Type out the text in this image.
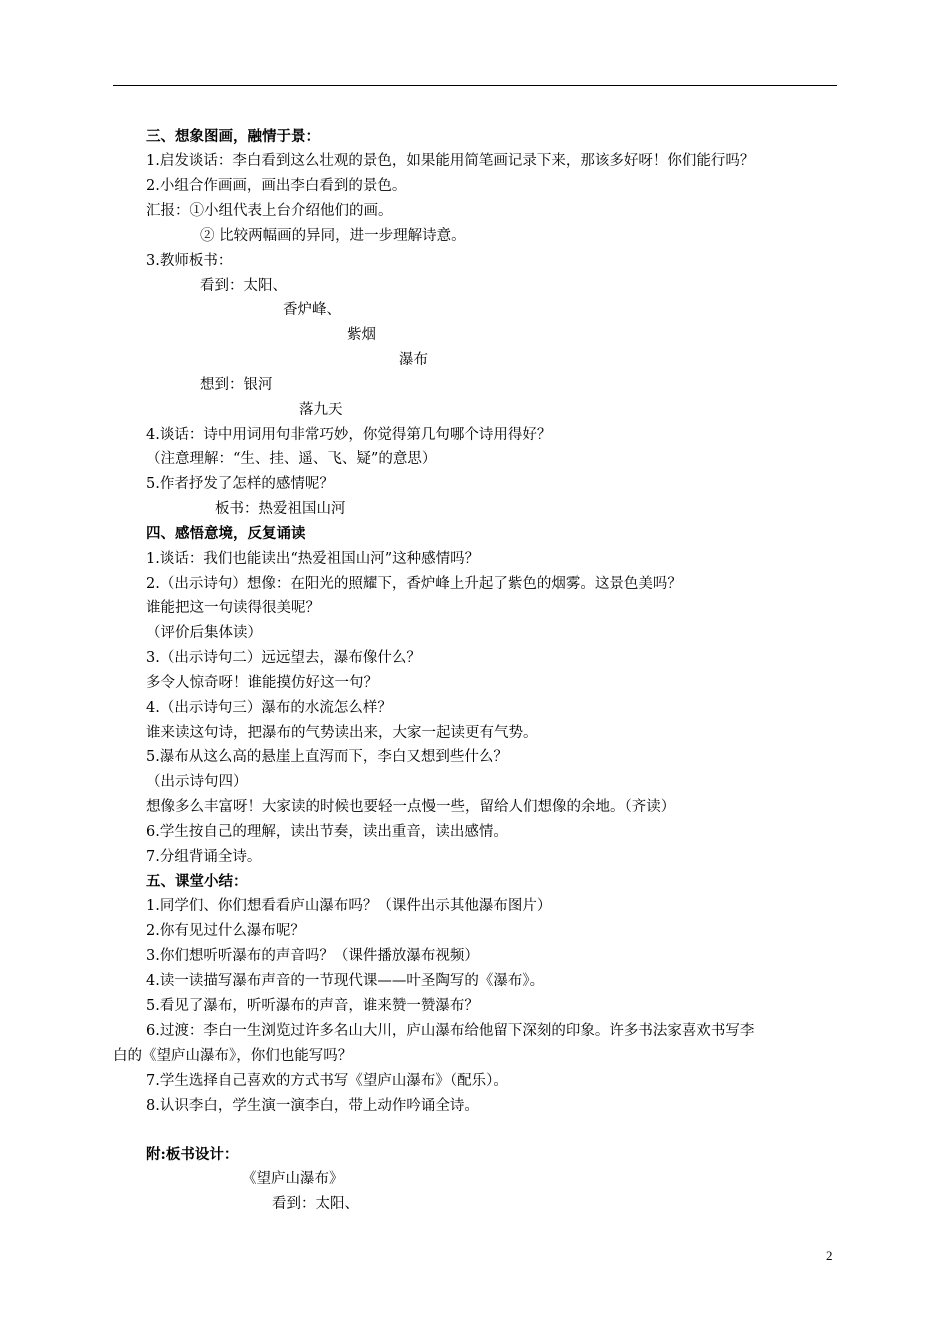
三、想象图画，融情于景：
1.启发谈话：李白看到这么壮观的景色，如果能用简笔画记录下来，那该多好呀！你们能行吗？
2.小组合作画画，画出李白看到的景色。
汇报：①小组代表上台介绍他们的画。
② 比较两幅画的异同，进一步理解诗意。
3.教师板书：
看到：太阳、
香炉峰、
紫烟
瀑布
想到：银河
落九天
4.谈话：诗中用词用句非常巧妙，你觉得第几句哪个诗用得好？
（注意理解：“生、挂、遥、飞、疑”的意思）
5.作者抒发了怎样的感情呢？
板书：热爱祖国山河
四、感悟意境，反复诵读
1.谈话：我们也能读出“热爱祖国山河”这种感情吗？
2.（出示诗句）想像：在阳光的照耀下，香炉峰上升起了紫色的烟雾。这景色美吗？
谁能把这一句读得很美呢？
（评价后集体读）
3.（出示诗句二）远远望去，瀑布像什么？
多令人惊奇呀！谁能摸仿好这一句？
4.（出示诗句三）瀑布的水流怎么样？
谁来读这句诗，把瀑布的气势读出来，大家一起读更有气势。
5.瀑布从这么高的悬崖上直泻而下，李白又想到些什么？
（出示诗句四）
想像多么丰富呀！大家读的时候也要轻一点慢一些，留给人们想像的余地。（齐读）
6.学生按自己的理解，读出节奏，读出重音，读出感情。
7.分组背诵全诗。
五、课堂小结：
1.同学们、你们想看看庐山瀑布吗？（课件出示其他瀑布图片）
2.你有见过什么瀑布呢？
3.你们想听听瀑布的声音吗？（课件播放瀑布视频）
4.读一读描写瀑布声音的一节现代课——叶圣陶写的《瀑布》。
5.看见了瀑布，听听瀑布的声音，谁来赞一赞瀑布？
6.过渡：李白一生浏览过许多名山大川，庐山瀑布给他留下深刻的印象。许多书法家喜欢书写李
白的《望庐山瀑布》，你们也能写吗？
7.学生选择自己喜欢的方式书写《望庐山瀑布》（配乐）。
8.认识李白，学生演一演李白，带上动作吟诵全诗。
附:板书设计：
《望庐山瀑布》
看到：太阳、
2
